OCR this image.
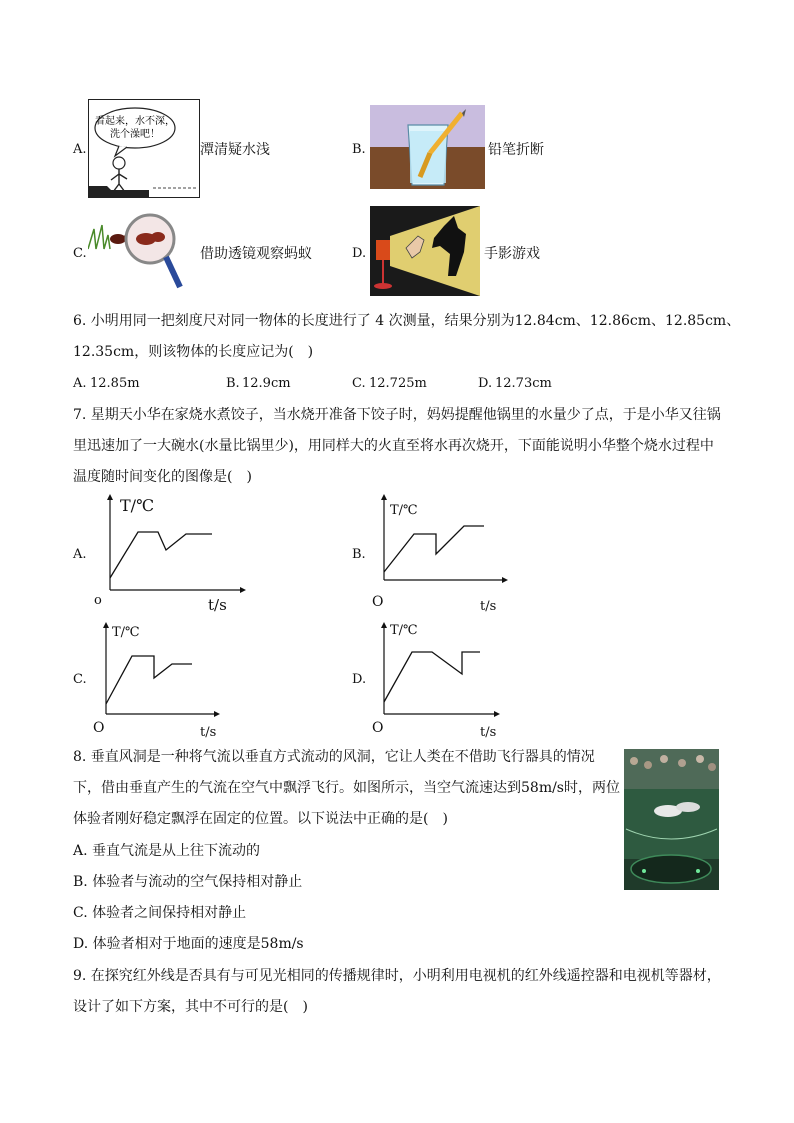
A.
看起来，水不深，
洗个澡吧！
潭清疑水浅	B.	铅笔折断
C.	借助透镜观察蚂蚁	D.	手影游戏
6. 小明用同一把刻度尺对同一物体的长度进行了 4 次测量，结果分别为12.84cm、12.86cm、12.85cm、
12.35cm，则该物体的长度应记为(　)
A. 12.85m	B. 12.9cm	C. 12.725m	D. 12.73cm
7. 星期天小华在家烧水煮饺子，当水烧开准备下饺子时，妈妈提醒他锅里的水量少了点，于是小华又往锅
里迅速加了一大碗水(水量比锅里少)，用同样大的火直至将水再次烧开，下面能说明小华整个烧水过程中
温度随时间变化的图像是(　)
A.
T/℃
t/s
o
B.
T/℃
t/s
O
C.
T/℃
t/s
O
D.
T/℃
t/s
O
8. 垂直风洞是一种将气流以垂直方式流动的风洞，它让人类在不借助飞行器具的情况
下，借由垂直产生的气流在空气中飘浮飞行。如图所示，当空气流速达到58m/s时，两位
体验者刚好稳定飘浮在固定的位置。以下说法中正确的是(　)
A. 垂直气流是从上往下流动的
B. 体验者与流动的空气保持相对静止
C. 体验者之间保持相对静止
D. 体验者相对于地面的速度是58m/s
9. 在探究红外线是否具有与可见光相同的传播规律时，小明利用电视机的红外线遥控器和电视机等器材，
设计了如下方案，其中不可行的是(　)
